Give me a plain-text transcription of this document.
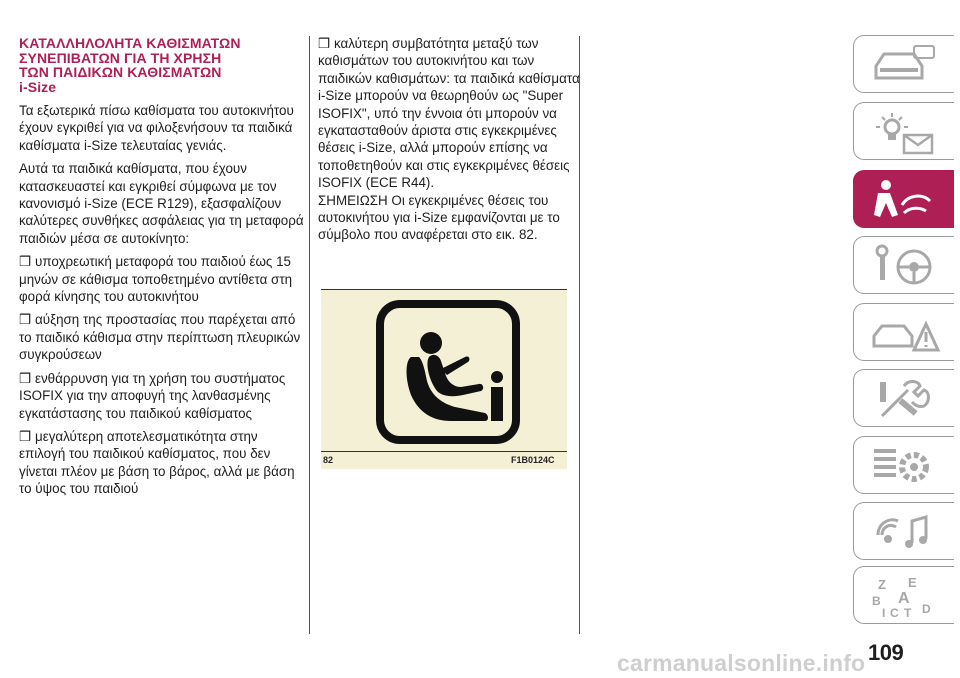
ΚΑΤΑΛΛΗΛΟΛΗΤΑ ΚΑΘΙΣΜΑΤΩΝ
ΣΥΝΕΠΙΒΑΤΩΝ ΓΙΑ ΤΗ ΧΡΗΣΗ
ΤΩΝ ΠΑΙΔΙΚΩΝ ΚΑΘΙΣΜΑΤΩΝ
i-Size

Τα εξωτερικά πίσω καθίσματα του αυτοκινήτου έχουν εγκριθεί για να φιλοξενήσουν τα παιδικά καθίσματα i-Size τελευταίας γενιάς.

Αυτά τα παιδικά καθίσματα, που έχουν κατασκευαστεί και εγκριθεί σύμφωνα με τον κανονισμό i-Size (ECE R129), εξασφαλίζουν καλύτερες συνθήκες ασφάλειας για τη μεταφορά παιδιών μέσα σε αυτοκίνητο:

❒ υποχρεωτική μεταφορά του παιδιού έως 15 μηνών σε κάθισμα τοποθετημένο αντίθετα στη φορά κίνησης του αυτοκινήτου

❒ αύξηση της προστασίας που παρέχεται από το παιδικό κάθισμα στην περίπτωση πλευρικών συγκρούσεων

❒ ενθάρρυνση για τη χρήση του συστήματος ISOFIX για την αποφυγή της λανθασμένης εγκατάστασης του παιδικού καθίσματος

❒ μεγαλύτερη αποτελεσματικότητα στην επιλογή του παιδικού καθίσματος, που δεν γίνεται πλέον με βάση το βάρος, αλλά με βάση το ύψος του παιδιού

❒ καλύτερη συμβατότητα μεταξύ των καθισμάτων του αυτοκινήτου και των παιδικών καθισμάτων: τα παιδικά καθίσματα i-Size μπορούν να θεωρηθούν ως "Super ISOFIX", υπό την έννοια ότι μπορούν να εγκατασταθούν άριστα στις εγκεκριμένες θέσεις i-Size, αλλά μπορούν επίσης να τοποθετηθούν και στις εγκεκριμένες θέσεις ISOFIX (ECE R44).

ΣΗΜΕΙΩΣΗ Οι εγκεκριμένες θέσεις του αυτοκινήτου για i-Size εμφανίζονται με το σύμβολο που αναφέρεται στο εικ. 82.

82	F1B0124C
Z E
B A
D
I C T
109
carmanualsonline.info
